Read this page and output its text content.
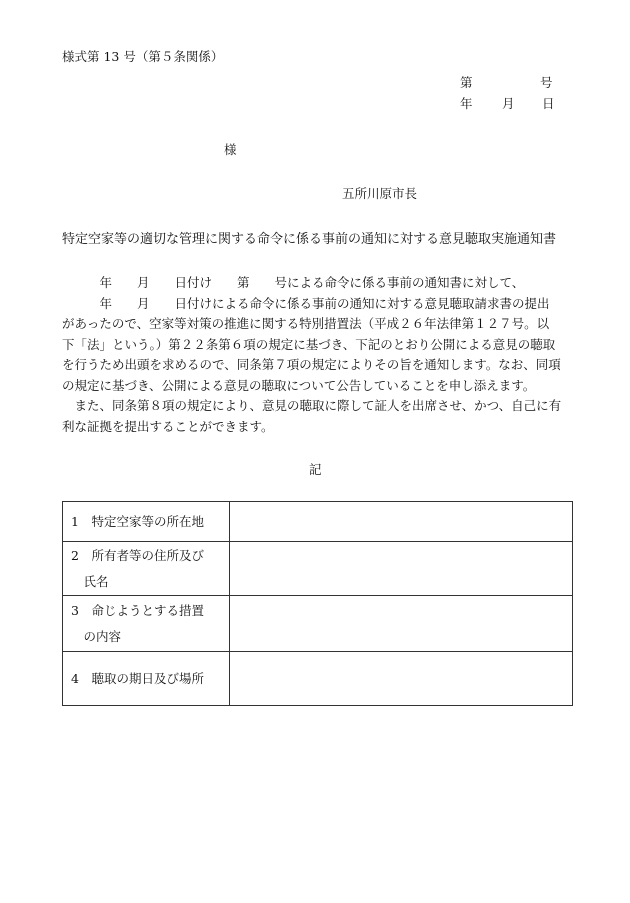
様式第 13 号（第５条関係）
第	号
年 月 日
様
五所川原市長
特定空家等の適切な管理に関する命令に係る事前の通知に対する意見聴取実施通知書
　　　年　　月　　日付け　　第　　号による命令に係る事前の通知書に対して、
　　　年　　月　　日付けによる命令に係る事前の通知に対する意見聴取請求書の提出
があったので、空家等対策の推進に関する特別措置法（平成２６年法律第１２７号。以
下「法」という。）第２２条第６項の規定に基づき、下記のとおり公開による意見の聴取
を行うため出頭を求めるので、同条第７項の規定によりその旨を通知します。なお、同項
の規定に基づき、公開による意見の聴取について公告していることを申し添えます。
　また、同条第８項の規定により、意見の聴取に際して証人を出席させ、かつ、自己に有
利な証拠を提出することができます。
記
1　特定空家等の所在地	
2　所有者等の住所及び
　氏名	
3　命じようとする措置
　の内容	
4　聴取の期日及び場所	
